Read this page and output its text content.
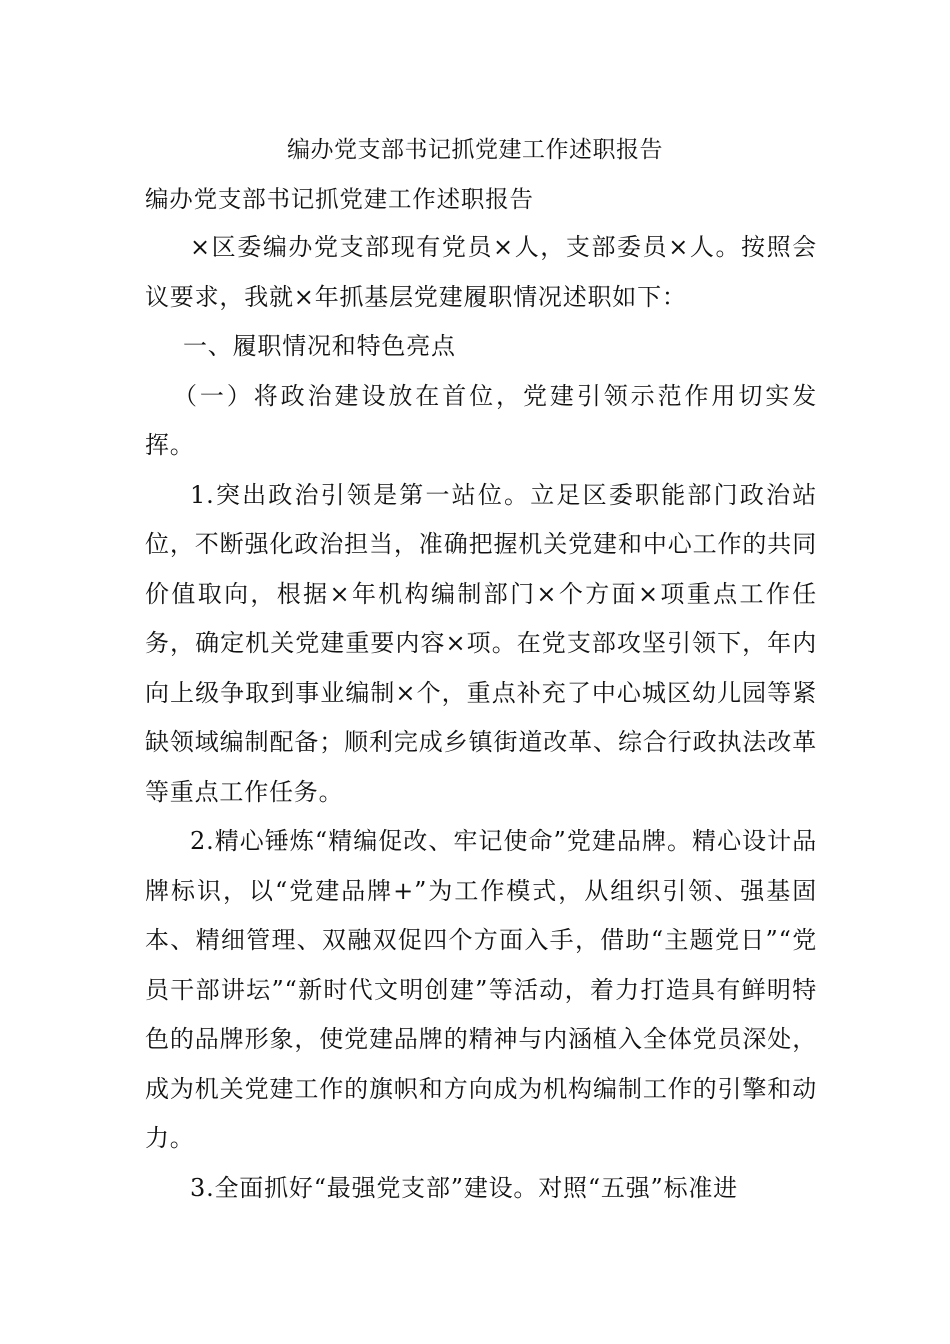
编办党支部书记抓党建工作述职报告

编办党支部书记抓党建工作述职报告

×区委编办党支部现有党员×人，支部委员×人。按照会议要求，我就×年抓基层党建履职情况述职如下：

一、履职情况和特色亮点

（一）将政治建设放在首位，党建引领示范作用切实发挥。

1.突出政治引领是第一站位。立足区委职能部门政治站位，不断强化政治担当，准确把握机关党建和中心工作的共同价值取向，根据×年机构编制部门×个方面×项重点工作任务，确定机关党建重要内容×项。在党支部攻坚引领下，年内向上级争取到事业编制×个，重点补充了中心城区幼儿园等紧缺领域编制配备；顺利完成乡镇街道改革、综合行政执法改革等重点工作任务。

2.精心锤炼“精编促改、牢记使命”党建品牌。精心设计品牌标识，以“党建品牌+”为工作模式，从组织引领、强基固本、精细管理、双融双促四个方面入手，借助“主题党日”“党员干部讲坛”“新时代文明创建”等活动，着力打造具有鲜明特色的品牌形象，使党建品牌的精神与内涵植入全体党员深处，成为机关党建工作的旗帜和方向成为机构编制工作的引擎和动力。

3.全面抓好“最强党支部”建设。对照“五强”标准进
